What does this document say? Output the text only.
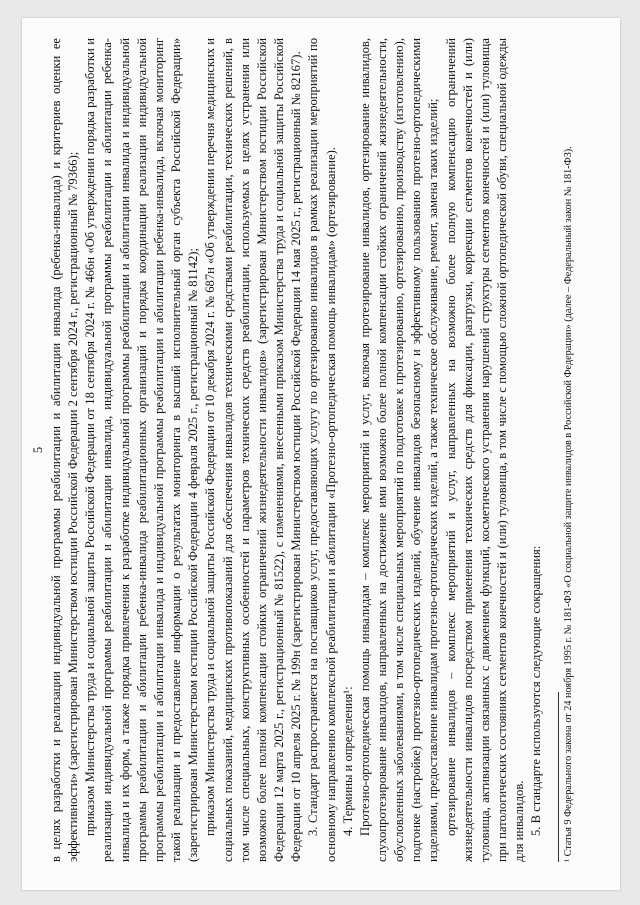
5 в целях разработки и реализации индивидуальной программы реабилитации и абилитации инвалида (ребенка-инвалида) и критериев оценки ее эффективности» (зарегистрирован Министерством юстиции Российской Федерации 2 сентября 2024 г., регистрационный № 79366); приказом Министерства труда и социальной защиты Российской Федерации от 18 сентября 2024 г. № 466н «Об утверждении порядка разработки и реализации индивидуальной программы реабилитации и абилитации инвалида, индивидуальной программы реабилитации и абилитации ребенка-инвалида и их форм, а также порядка привлечения к разработке индивидуальной программы реабилитации и абилитации инвалида и индивидуальной программы реабилитации и абилитации ребенка-инвалида реабилитационных организаций и порядка координации реализации индивидуальной программы реабилитации и абилитации инвалида и индивидуальной программы реабилитации и абилитации ребенка-инвалида, включая мониторинг такой реализации и предоставление информации о результатах мониторинга в высший исполнительный орган субъекта Российской Федерации» (зарегистрирован Министерством юстиции Российской Федерации 4 февраля 2025 г., регистрационный № 81142); приказом Министерства труда и социальной защиты Российской Федерации от 10 декабря 2024 г. № 687н «Об утверждении перечня медицинских и социальных показаний, медицинских противопоказаний для обеспечения инвалидов техническими средствами реабилитации, технических решений, в том числе специальных, конструктивных особенностей и параметров технических средств реабилитации, используемых в целях устранения или возможно более полной компенсации стойких ограничений жизнедеятельности инвалидов» (зарегистрирован Министерством юстиции Российской Федерации 12 марта 2025 г., регистрационный № 81522), с изменениями, внесенными приказом Министерства труда и социальной защиты Российской Федерации от 10 апреля 2025 г. № 199н (зарегистрирован Министерством юстиции Российской Федерации 14 мая 2025 г., регистрационный № 82167). 3. Стандарт распространяется на поставщиков услуг, предоставляющих услугу по ортезированию инвалидов в рамках реализации мероприятий по основному направлению комплексной реабилитации и абилитации «Протезно-ортопедическая помощь инвалидам» (ортезирование). 4. Термины и определения¹: Протезно-ортопедическая помощь инвалидам – комплекс мероприятий и услуг, включая протезирование инвалидов, ортезирование инвалидов, слухопротезирование инвалидов, направленных на достижение ими возможно более полной компенсации стойких ограничений жизнедеятельности, обусловленных заболеваниями, в том числе специальных мероприятий по подготовке к протезированию, ортезированию, производству (изготовлению), подгонке (настройке) протезно-ортопедических изделий, обучение инвалидов безопасному и эффективному пользованию протезно-ортопедическими изделиями, предоставление инвалидам протезно-ортопедических изделий, а также техническое обслуживание, ремонт, замена таких изделий; ортезирование инвалидов – комплекс мероприятий и услуг, направленных на возможно более полную компенсацию ограничений жизнедеятельности инвалидов посредством применения технических средств для фиксации, разгрузки, коррекции сегментов конечностей и (или) туловища, активизации связанных с движением функций, косметического устранения нарушений структуры сегментов конечностей и (или) туловища при патологических состояниях сегментов конечностей и (или) туловища, в том числе с помощью сложной ортопедической обуви, специальной одежды для инвалидов. 5. В стандарте используются следующие сокращения: ¹ Статья 9 Федерального закона от 24 ноября 1995 г. № 181-ФЗ «О социальной защите инвалидов в Российской Федерации» (далее – Федеральный закон № 181-ФЗ).
